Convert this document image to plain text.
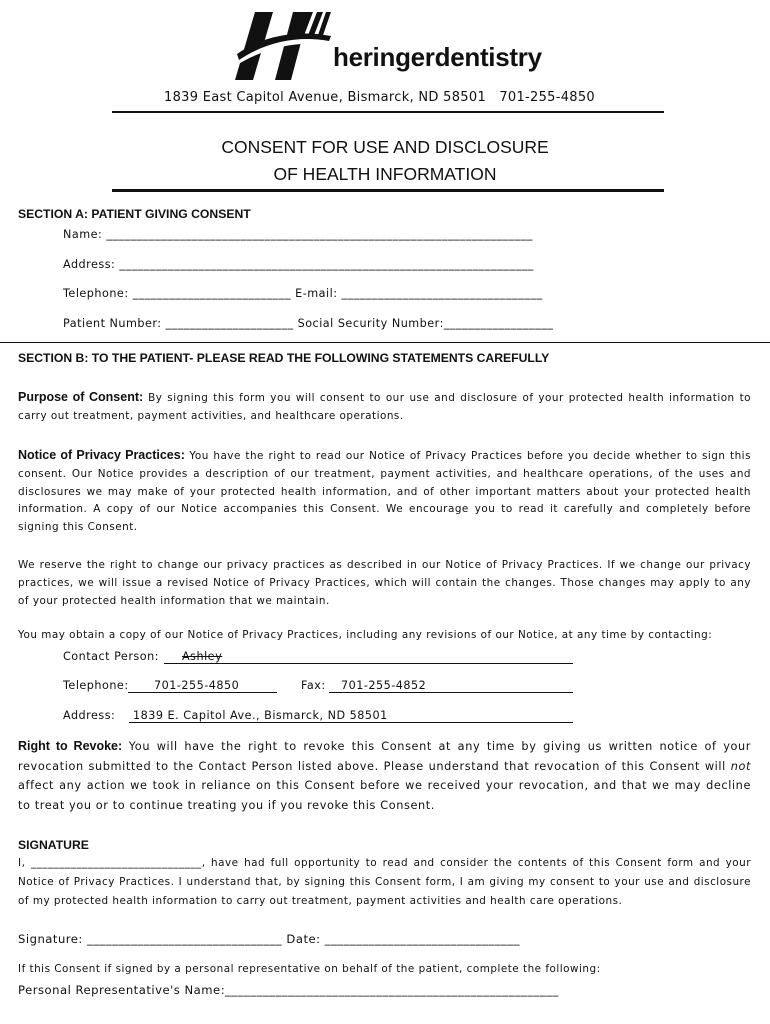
heringerdentistry
1839 East Capitol Avenue, Bismarck, ND 58501   701-255-4850
CONSENT FOR USE AND DISCLOSURE
OF HEALTH INFORMATION
SECTION A: PATIENT GIVING CONSENT
Name: ______________________________________________________________________
Address: ____________________________________________________________________
Telephone: __________________________ E-mail: _________________________________
Patient Number: _____________________ Social Security Number:__________________
SECTION B: TO THE PATIENT- PLEASE READ THE FOLLOWING STATEMENTS CAREFULLY
Purpose of Consent: By signing this form you will consent to our use and disclosure of your protected health information to carry out treatment, payment activities, and healthcare operations.
Notice of Privacy Practices: You have the right to read our Notice of Privacy Practices before you decide whether to sign this consent. Our Notice provides a description of our treatment, payment activities, and healthcare operations, of the uses and disclosures we may make of your protected health information, and of other important matters about your protected health information. A copy of our Notice accompanies this Consent. We encourage you to read it carefully and completely before signing this Consent.
We reserve the right to change our privacy practices as described in our Notice of Privacy Practices. If we change our privacy practices, we will issue a revised Notice of Privacy Practices, which will contain the changes. Those changes may apply to any of your protected health information that we maintain.
You may obtain a copy of our Notice of Privacy Practices, including any revisions of our Notice, at any time by contacting:
Contact Person:	Ashley
Telephone:	701-255-4850	Fax:	701-255-4852
Address:	1839 E. Capitol Ave., Bismarck, ND 58501
Right to Revoke: You will have the right to revoke this Consent at any time by giving us written notice of your revocation submitted to the Contact Person listed above. Please understand that revocation of this Consent will not affect any action we took in reliance on this Consent before we received your revocation, and that we may decline to treat you or to continue treating you if you revoke this Consent.
SIGNATURE
I, ______________________________, have had full opportunity to read and consider the contents of this Consent form and your Notice of Privacy Practices. I understand that, by signing this Consent form, I am giving my consent to your use and disclosure of my protected health information to carry out treatment, payment activities and health care operations.
Signature: _______________________________ Date: _______________________________
If this Consent if signed by a personal representative on behalf of the patient, complete the following:
Personal Representative's Name:_____________________________________________________
